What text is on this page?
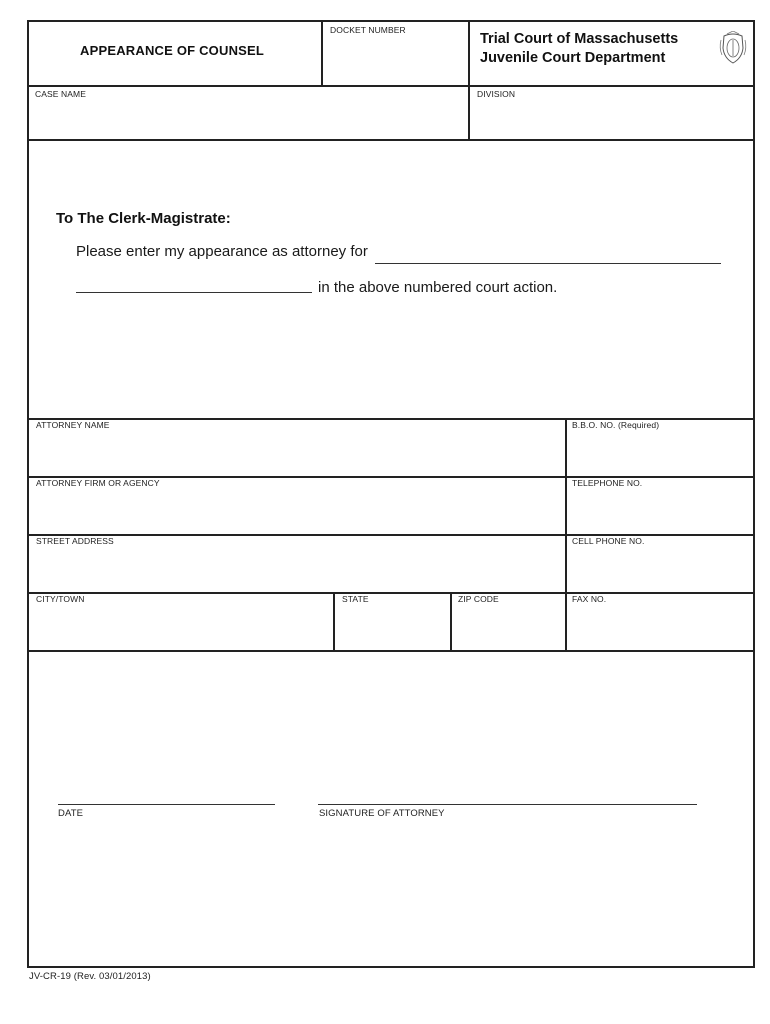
APPEARANCE OF COUNSEL
DOCKET NUMBER
Trial Court of Massachusetts
Juvenile Court Department
CASE NAME	DIVISION
To The Clerk-Magistrate:
Please enter my appearance as attorney for
in the above numbered court action.
ATTORNEY NAME	B.B.O. NO. (Required)
ATTORNEY FIRM OR AGENCY	TELEPHONE NO.
STREET ADDRESS	CELL PHONE NO.
CITY/TOWN	STATE	ZIP CODE	FAX NO.
DATE	SIGNATURE OF ATTORNEY
JV-CR-19 (Rev. 03/01/2013)
